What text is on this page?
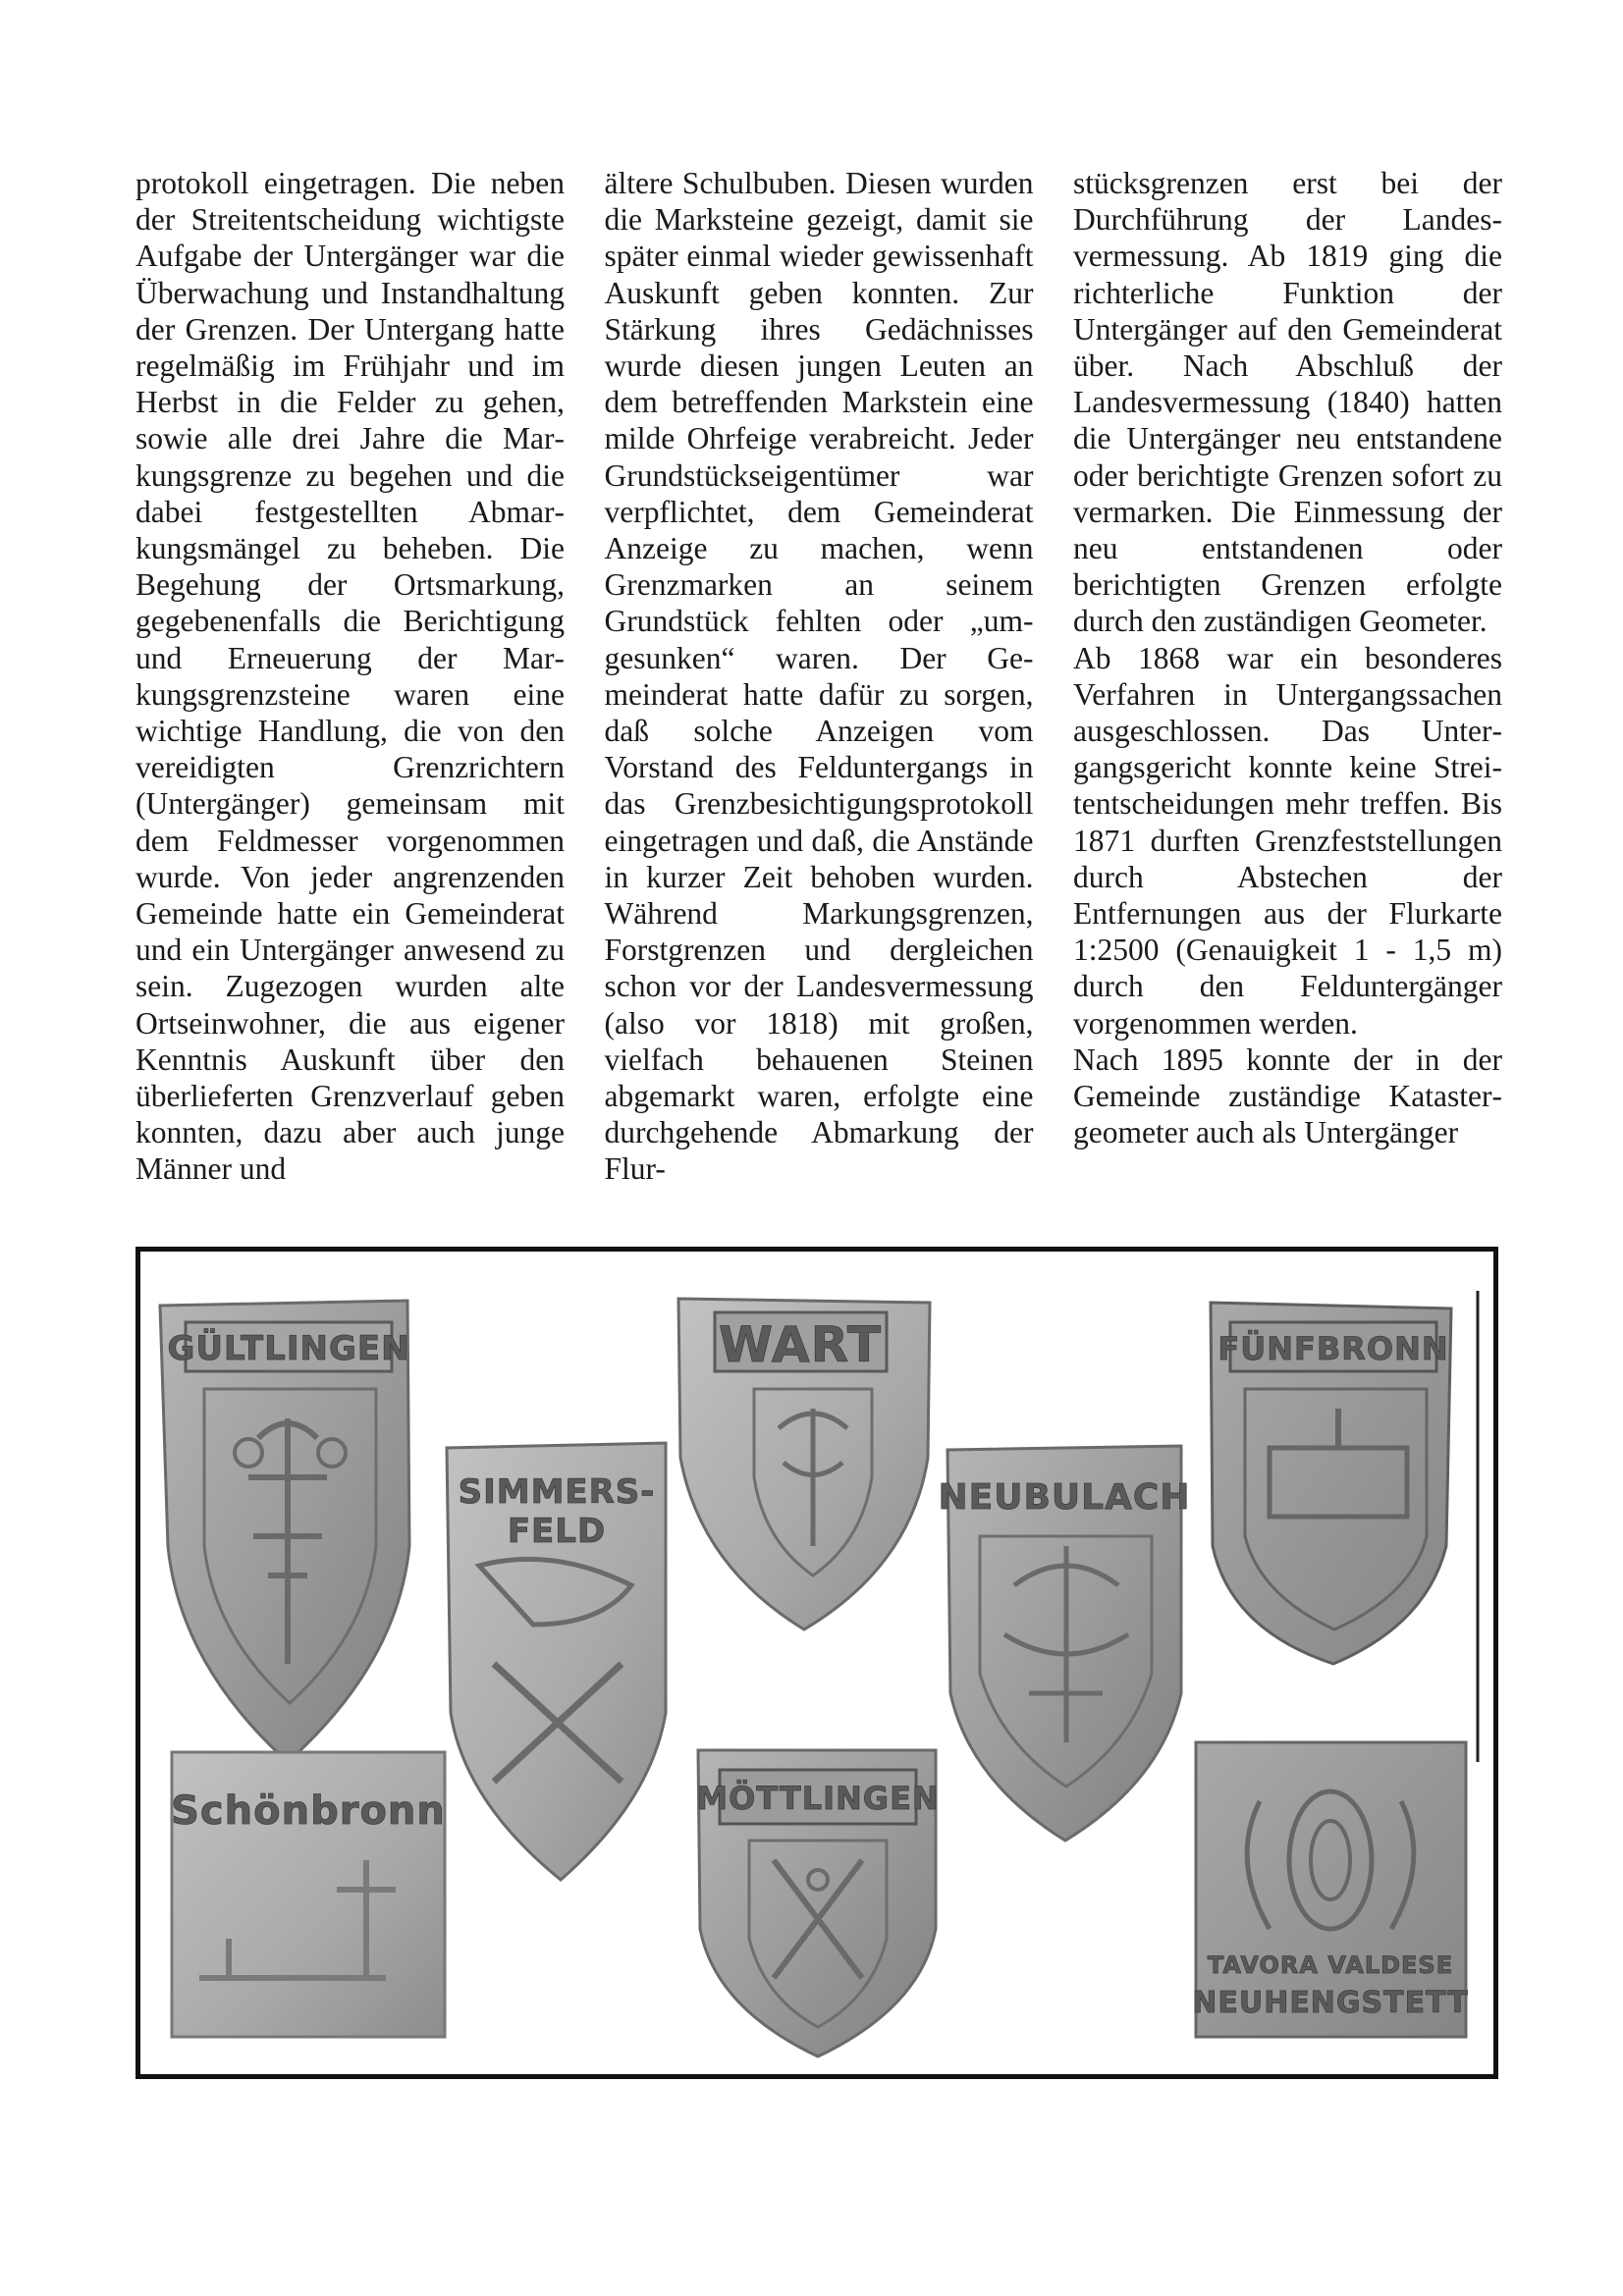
protokoll eingetragen. Die neben der Streitentscheidung wichtigste Aufgabe der Untergänger war die Überwachung und Instandhaltung der Grenzen. Der Untergang hatte regelmäßig im Frühjahr und im Herbst in die Felder zu gehen, sowie alle drei Jahre die Markungsgrenze zu begehen und die dabei festgestellten Abmarkungsmängel zu beheben. Die Begehung der Ortsmarkung, gegebenenfalls die Berichtigung und Erneuerung der Markungsgrenzsteine waren eine wichtige Handlung, die von den vereidigten Grenzrichtern (Untergänger) gemeinsam mit dem Feldmesser vorgenommen wurde. Von jeder angrenzenden Gemeinde hatte ein Gemeinderat und ein Untergänger anwesend zu sein. Zugezogen wurden alte Ortseinwohner, die aus eigener Kenntnis Auskunft über den überlieferten Grenzverlauf geben konnten, dazu aber auch junge Männer und

ältere Schulbuben. Diesen wurden die Marksteine gezeigt, damit sie später einmal wieder gewissenhaft Auskunft geben konnten. Zur Stärkung ihres Gedächnisses wurde diesen jungen Leuten an dem betreffenden Markstein eine milde Ohrfeige verabreicht. Jeder Grundstückseigentümer war verpflichtet, dem Gemeinderat Anzeige zu machen, wenn Grenzmarken an seinem Grundstück fehlten oder „umgesunken“ waren. Der Gemeinderat hatte dafür zu sorgen, daß solche Anzeigen vom Vorstand des Felduntergangs in das Grenzbesichtigungsprotokoll eingetragen und daß, die Anstände in kurzer Zeit behoben wurden. Während Markungsgrenzen, Forstgrenzen und dergleichen schon vor der Landesvermessung (also vor 1818) mit großen, vielfach behauenen Steinen abgemarkt waren, erfolgte eine durchgehende Abmarkung der Flur-

stücksgrenzen erst bei der Durchführung der Landesvermessung. Ab 1819 ging die richterliche Funktion der Untergänger auf den Gemeinderat über. Nach Abschluß der Landesvermessung (1840) hatten die Untergänger neu entstandene oder berichtigte Grenzen sofort zu vermarken. Die Einmessung der neu entstandenen oder berichtigten Grenzen erfolgte durch den zuständigen Geometer.

Ab 1868 war ein besonderes Verfahren in Untergangssachen ausgeschlossen. Das Untergangsgericht konnte keine Strei- tentscheidungen mehr treffen. Bis 1871 durften Grenzfeststellungen durch Abstechen der Entfernungen aus der Flurkarte 1:2500 (Genauigkeit 1 - 1,5 m) durch den Felduntergänger vorgenommen werden.

Nach 1895 konnte der in der Gemeinde zuständige Katastergeometer auch als Untergänger

GÜLTLINGEN	WART	FÜNFBRONN
SIMMERS-
FELD
NEUBULACH
Schönbronn	MÖTTLINGEN
TAVORA VALDESE
NEUHENGSTETT
